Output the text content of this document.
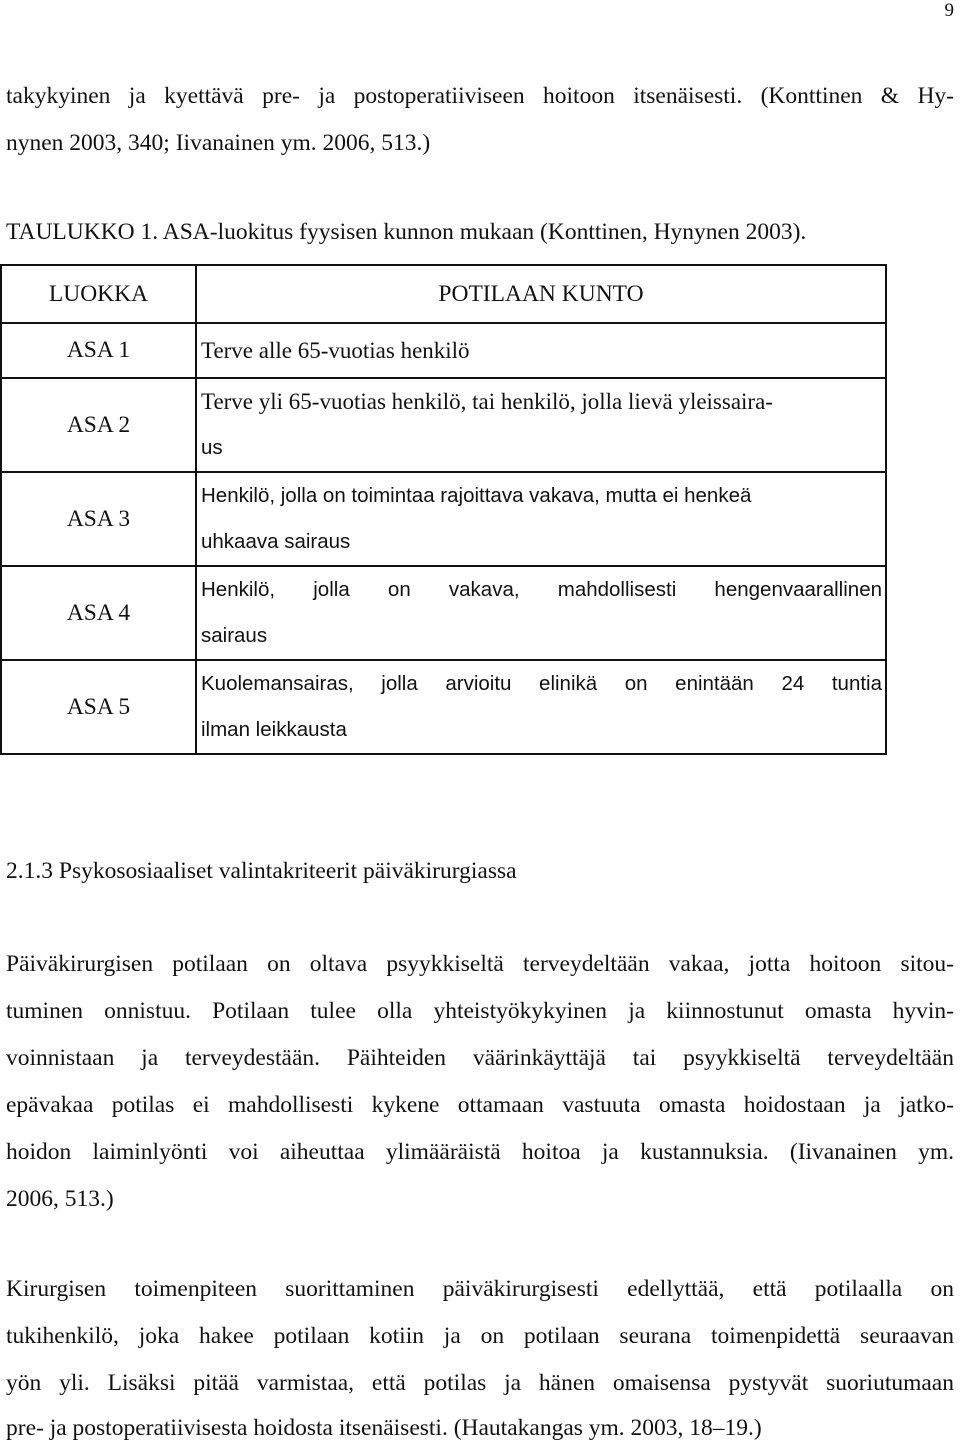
9
takykyinen ja kyettävä pre- ja postoperatiiviseen hoitoon itsenäisesti. (Konttinen & Hy-
nynen 2003, 340; Iivanainen ym. 2006, 513.)
TAULUKKO 1. ASA-luokitus fyysisen kunnon mukaan (Konttinen, Hynynen 2003).
LUOKKA	POTILAAN KUNTO
ASA 1	Terve alle 65-vuotias henkilö
ASA 2	Terve yli 65-vuotias henkilö, tai henkilö, jolla lievä yleissaira-
us

ASA 3	Henkilö, jolla on toimintaa rajoittava vakava, mutta ei henkeä
uhkaava sairaus

ASA 4	Henkilö, jolla on vakava, mahdollisesti hengenvaarallinen
sairaus

ASA 5	Kuolemansairas, jolla arvioitu elinikä on enintään 24 tuntia
ilman leikkausta
2.1.3 Psykososiaaliset valintakriteerit päiväkirurgiassa
Päiväkirurgisen potilaan on oltava psyykkiseltä terveydeltään vakaa, jotta hoitoon sitou-
tuminen onnistuu. Potilaan tulee olla yhteistyökykyinen ja kiinnostunut omasta hyvin-
voinnistaan ja terveydestään. Päihteiden väärinkäyttäjä tai psyykkiseltä terveydeltään
epävakaa potilas ei mahdollisesti kykene ottamaan vastuuta omasta hoidostaan ja jatko-
hoidon laiminlyönti voi aiheuttaa ylimääräistä hoitoa ja kustannuksia. (Iivanainen ym.
2006, 513.)
Kirurgisen toimenpiteen suorittaminen päiväkirurgisesti edellyttää, että potilaalla on
tukihenkilö, joka hakee potilaan kotiin ja on potilaan seurana toimenpidettä seuraavan
yön yli. Lisäksi pitää varmistaa, että potilas ja hänen omaisensa pystyvät suoriutumaan
pre- ja postoperatiivisesta hoidosta itsenäisesti. (Hautakangas ym. 2003, 18–19.)
